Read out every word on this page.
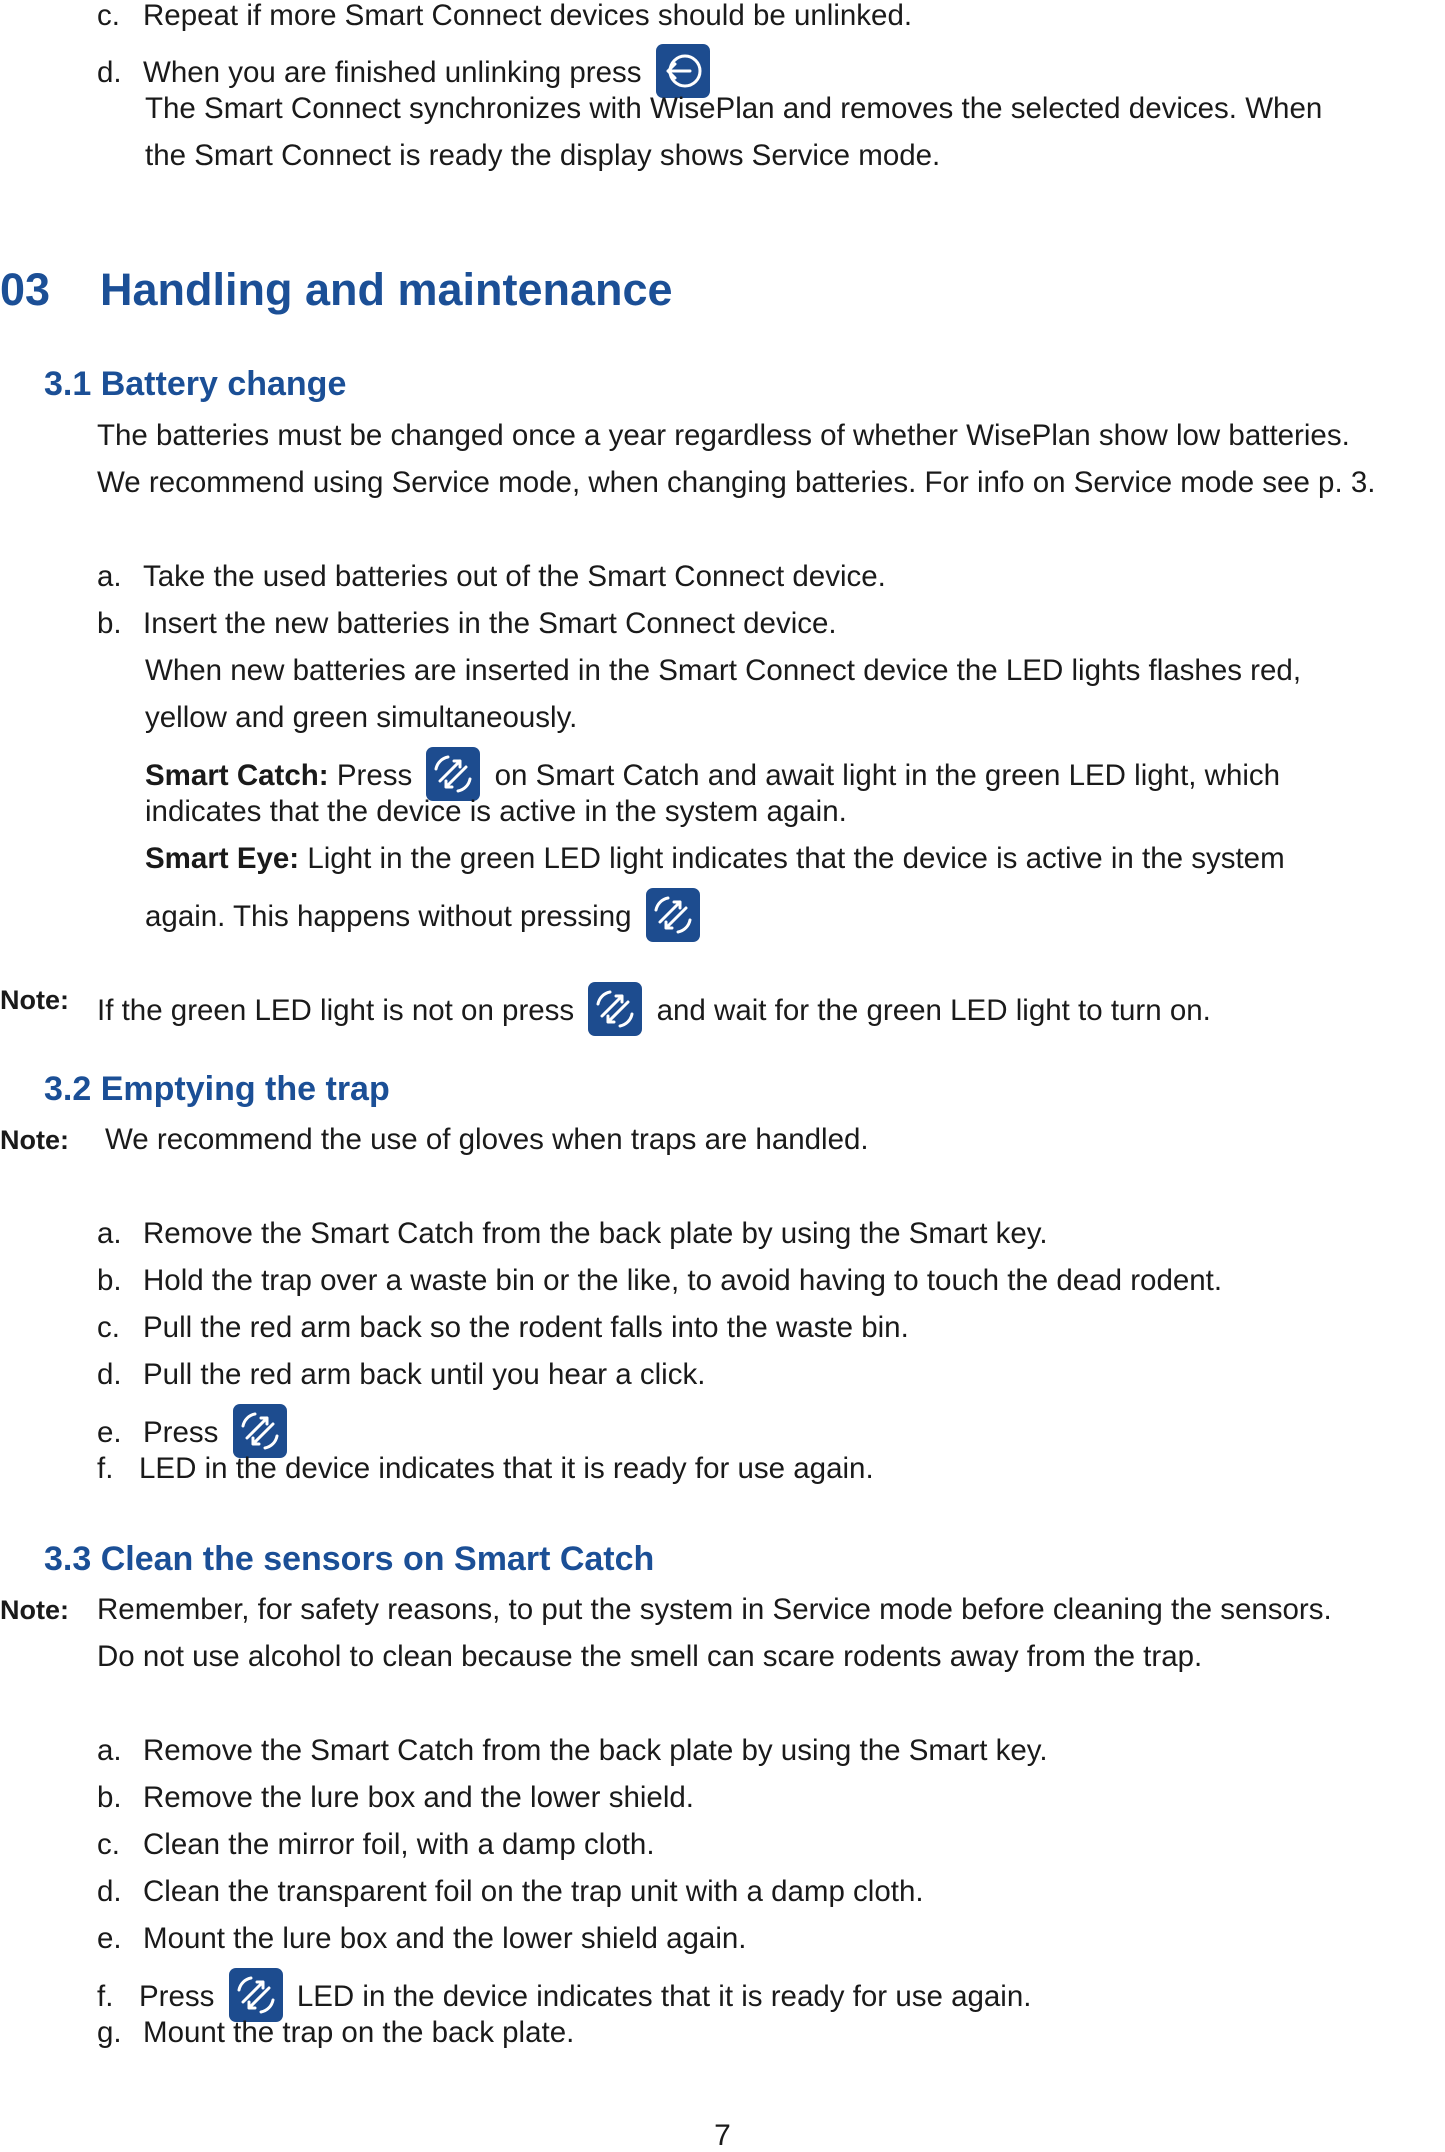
c. Repeat if more Smart Connect devices should be unlinked.
d. When you are finished unlinking press
The Smart Connect synchronizes with WisePlan and removes the selected devices. When
the Smart Connect is ready the display shows Service mode.
03 Handling and maintenance
3.1 Battery change
The batteries must be changed once a year regardless of whether WisePlan show low batteries.
We recommend using Service mode, when changing batteries. For info on Service mode see p. 3.
a. Take the used batteries out of the Smart Connect device.
b. Insert the new batteries in the Smart Connect device.
When new batteries are inserted in the Smart Connect device the LED lights flashes red,
yellow and green simultaneously.
Smart Catch: Press	on Smart Catch and await light in the green LED light, which
indicates that the device is active in the system again.
Smart Eye: Light in the green LED light indicates that the device is active in the system
again. This happens without pressing
Note: If the green LED light is not on press	and wait for the green LED light to turn on.
3.2 Emptying the trap
Note: We recommend the use of gloves when traps are handled.
a. Remove the Smart Catch from the back plate by using the Smart key.
b. Hold the trap over a waste bin or the like, to avoid having to touch the dead rodent.
c. Pull the red arm back so the rodent falls into the waste bin.
d. Pull the red arm back until you hear a click.
e. Press
f. LED in the device indicates that it is ready for use again.
3.3 Clean the sensors on Smart Catch
Note: Remember, for safety reasons, to put the system in Service mode before cleaning the sensors.
Do not use alcohol to clean because the smell can scare rodents away from the trap.
a. Remove the Smart Catch from the back plate by using the Smart key.
b. Remove the lure box and the lower shield.
c. Clean the mirror foil, with a damp cloth.
d. Clean the transparent foil on the trap unit with a damp cloth.
e. Mount the lure box and the lower shield again.
f. Press	LED in the device indicates that it is ready for use again.
g. Mount the trap on the back plate.
7
